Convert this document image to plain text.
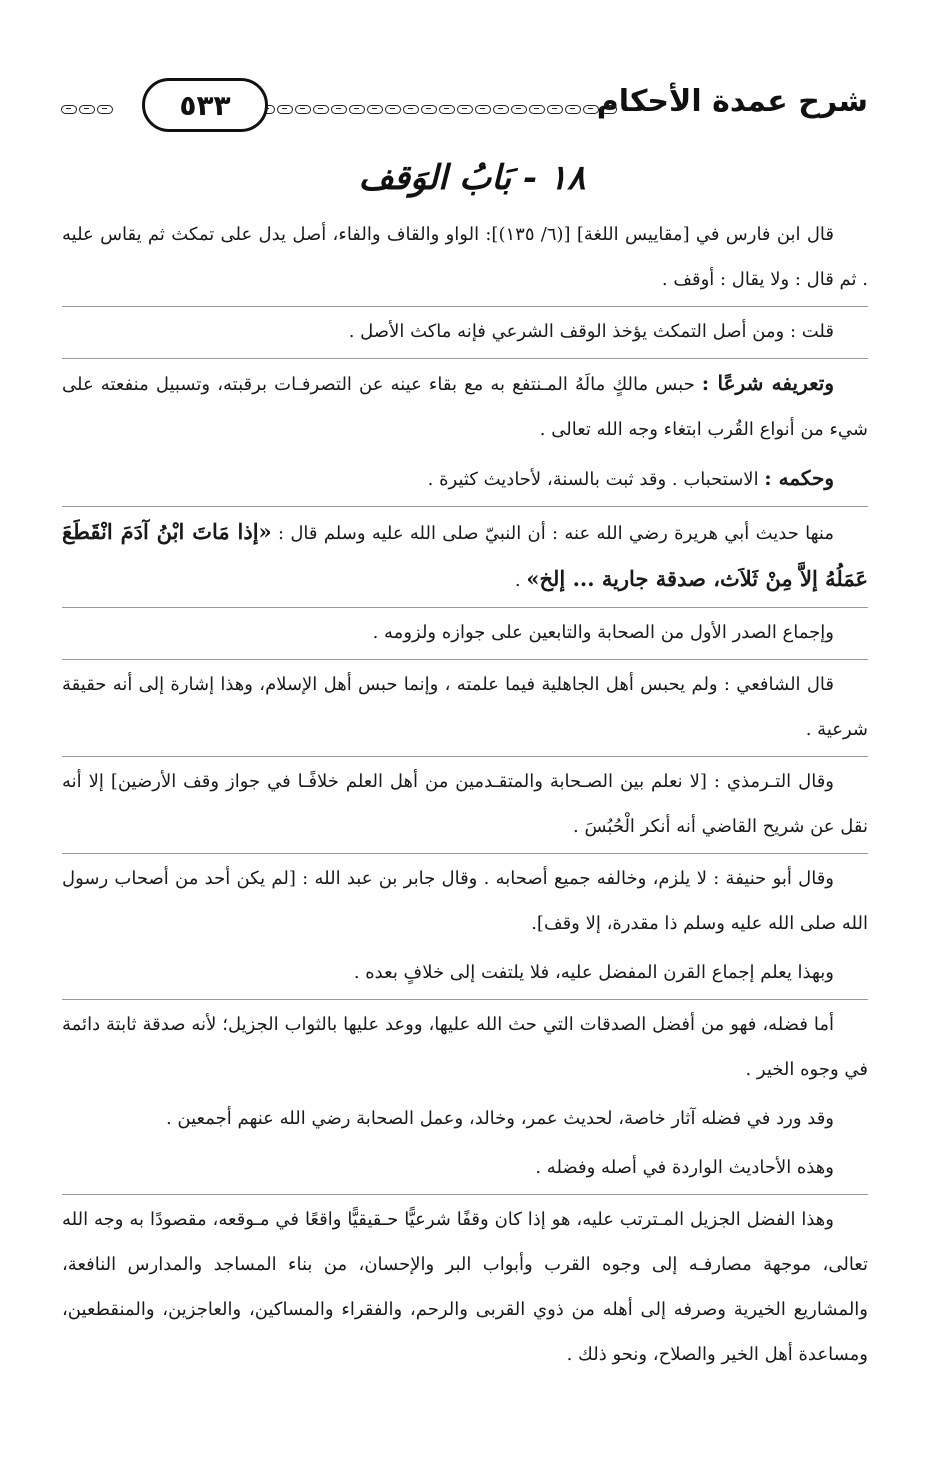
شرح عمدة الأحكام
٥٣٣
١٨ - بَابُ الوَقف

قال ابن فارس في [مقاييس اللغة] [(٦/ ١٣٥)]: الواو والقاف والفاء، أصل يدل على تمكث ثم يقاس عليه . ثم قال : ولا يقال : أوقف .

قلت : ومن أصل التمكث يؤخذ الوقف الشرعي فإنه ماكث الأصل .

وتعريفه شرعًا : حبس مالكٍ مالَهُ المـنتفع به مع بقاء عينه عن التصرفـات برقبته، وتسبيل منفعته على شيء من أنواع القُرب ابتغاء وجه الله تعالى .

وحكمه : الاستحباب . وقد ثبت بالسنة، لأحاديث كثيرة .

منها حديث أبي هريرة رضي الله عنه : أن النبيّ صلى الله عليه وسلم قال : «إذا مَاتَ ابْنُ آدَمَ انْقَطَعَ عَمَلُهُ إلاَّ مِنْ ثَلاَث، صدقة جارية ... إلخ» .

وإجماع الصدر الأول من الصحابة والتابعين على جوازه ولزومه .

قال الشافعي : ولم يحبس أهل الجاهلية فيما علمته ، وإنما حبس أهل الإسلام، وهذا إشارة إلى أنه حقيقة شرعية .

وقال التـرمذي : [لا نعلم بين الصـحابة والمتقـدمين من أهل العلم خلافًـا في جواز وقف الأرضين] إلا أنه نقل عن شريح القاضي أنه أنكر الْحُبُسَ .

وقال أبو حنيفة : لا يلزم، وخالفه جميع أصحابه . وقال جابر بن عبد الله : [لم يكن أحد من أصحاب رسول الله صلى الله عليه وسلم ذا مقدرة، إلا وقف].

وبهذا يعلم إجماع القرن المفضل عليه، فلا يلتفت إلى خلافٍ بعده .

أما فضله، فهو من أفضل الصدقات التي حث الله عليها، ووعد عليها بالثواب الجزيل؛ لأنه صدقة ثابتة دائمة في وجوه الخير .

وقد ورد في فضله آثار خاصة، لحديث عمر، وخالد، وعمل الصحابة رضي الله عنهم أجمعين .

وهذه الأحاديث الواردة في أصله وفضله .

وهذا الفضل الجزيل المـترتب عليه، هو إذا كان وقفًا شرعيًّا حـقيقيًّا واقعًا في مـوقعه، مقصودًا به وجه الله تعالى، موجهة مصارفـه إلى وجوه القرب وأبواب البر والإحسان، من بناء المساجد والمدارس النافعة، والمشاريع الخيرية وصرفه إلى أهله من ذوي القربى والرحم، والفقراء والمساكين، والعاجزين، والمنقطعين، ومساعدة أهل الخير والصلاح، ونحو ذلك .
